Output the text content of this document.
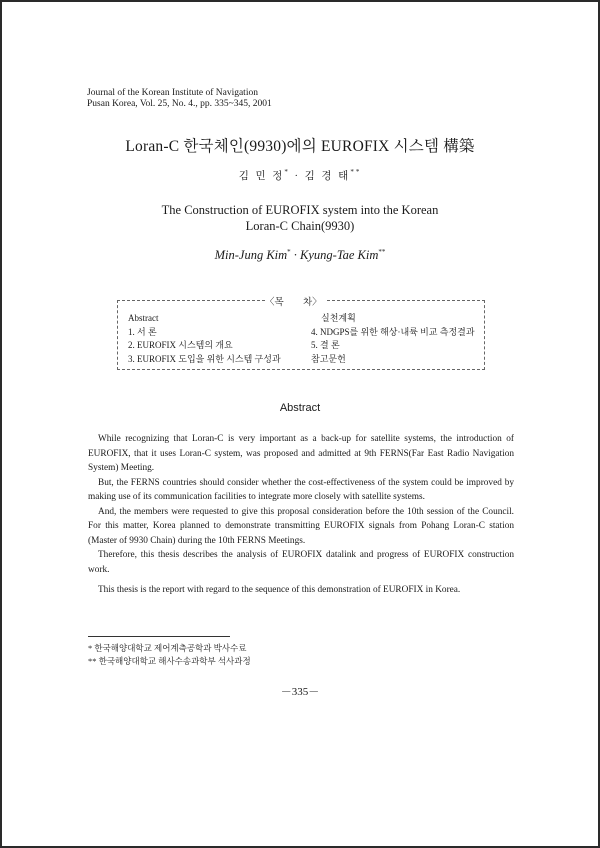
Journal of the Korean Institute of Navigation
Pusan Korea, Vol. 25, No. 4., pp. 335~345, 2001
Loran-C 한국체인(9930)에의 EUROFIX 시스템 構築
김 민 정* · 김 경 태**
The Construction of EUROFIX system into the Korean
Loran-C Chain(9930)
Min-Jung Kim* · Kyung-Tae Kim**
〈목 차〉
Abstract
1. 서 론
2. EUROFIX 시스템의 개요
3. EUROFIX 도입을 위한 시스템 구성과
실천계획
4. NDGPS를 위한 해상·내륙 비교 측정결과
5. 결 론
참고문헌
Abstract

While recognizing that Loran-C is very important as a back-up for satellite systems, the introduction of EUROFIX, that it uses Loran-C system, was proposed and admitted at 9th FERNS(Far East Radio Navigation System) Meeting.

But, the FERNS countries should consider whether the cost-effectiveness of the system could be improved by making use of its communication facilities to integrate more closely with satellite systems.

And, the members were requested to give this proposal consideration before the 10th session of the Council. For this matter, Korea planned to demonstrate transmitting EUROFIX signals from Pohang Loran-C station (Master of 9930 Chain) during the 10th FERNS Meetings.

Therefore, this thesis describes the analysis of EUROFIX datalink and progress of EUROFIX construction work.

This thesis is the report with regard to the sequence of this demonstration of EUROFIX in Korea.

* 한국해양대학교 제어계측공학과 박사수료
** 한국해양대학교 해사수송과학부 석사과정
－335－
